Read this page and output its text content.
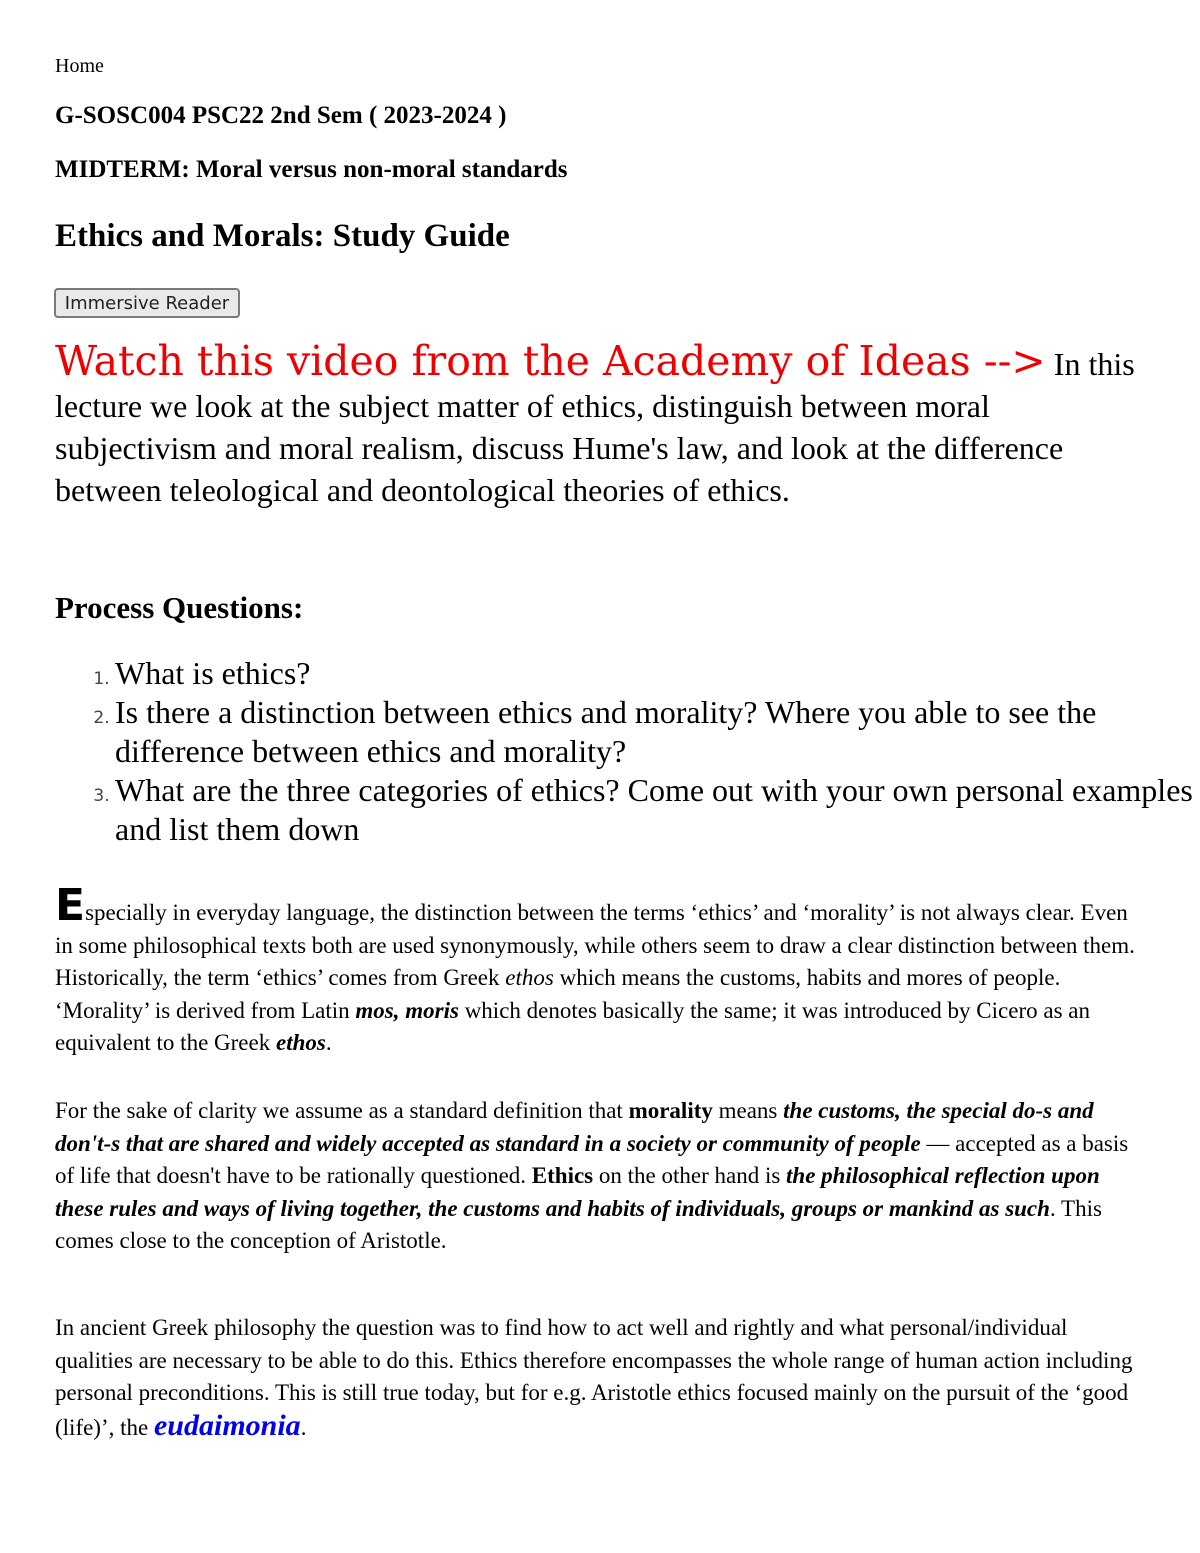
Home
G-SOSC004 PSC22 2nd Sem ( 2023-2024 )
MIDTERM: Moral versus non-moral standards
Ethics and Morals: Study Guide
Immersive Reader
Watch this video from the Academy of Ideas --> In this lecture we look at the subject matter of ethics, distinguish between moral subjectivism and moral realism, discuss Hume's law, and look at the difference between teleological and deontological theories of ethics.
Process Questions:
1. What is ethics?
2. Is there a distinction between ethics and morality? Where you able to see the difference between ethics and morality?
3. What are the three categories of ethics? Come out with your own personal examples and list them down

Especially in everyday language, the distinction between the terms ‘ethics’ and ‘morality’ is not always clear. Even in some philosophical texts both are used synonymously, while others seem to draw a clear distinction between them. Historically, the term ‘ethics’ comes from Greek ethos which means the customs, habits and mores of people. ‘Morality’ is derived from Latin mos, moris which denotes basically the same; it was introduced by Cicero as an equivalent to the Greek ethos.

For the sake of clarity we assume as a standard definition that morality means the customs, the special do-s and don't-s that are shared and widely accepted as standard in a society or community of people — accepted as a basis of life that doesn't have to be rationally questioned. Ethics on the other hand is the philosophical reflection upon these rules and ways of living together, the customs and habits of individuals, groups or mankind as such. This comes close to the conception of Aristotle.

In ancient Greek philosophy the question was to find how to act well and rightly and what personal/individual qualities are necessary to be able to do this. Ethics therefore encompasses the whole range of human action including personal preconditions. This is still true today, but for e.g. Aristotle ethics focused mainly on the pursuit of the ‘good (life)’, the eudaimonia.
